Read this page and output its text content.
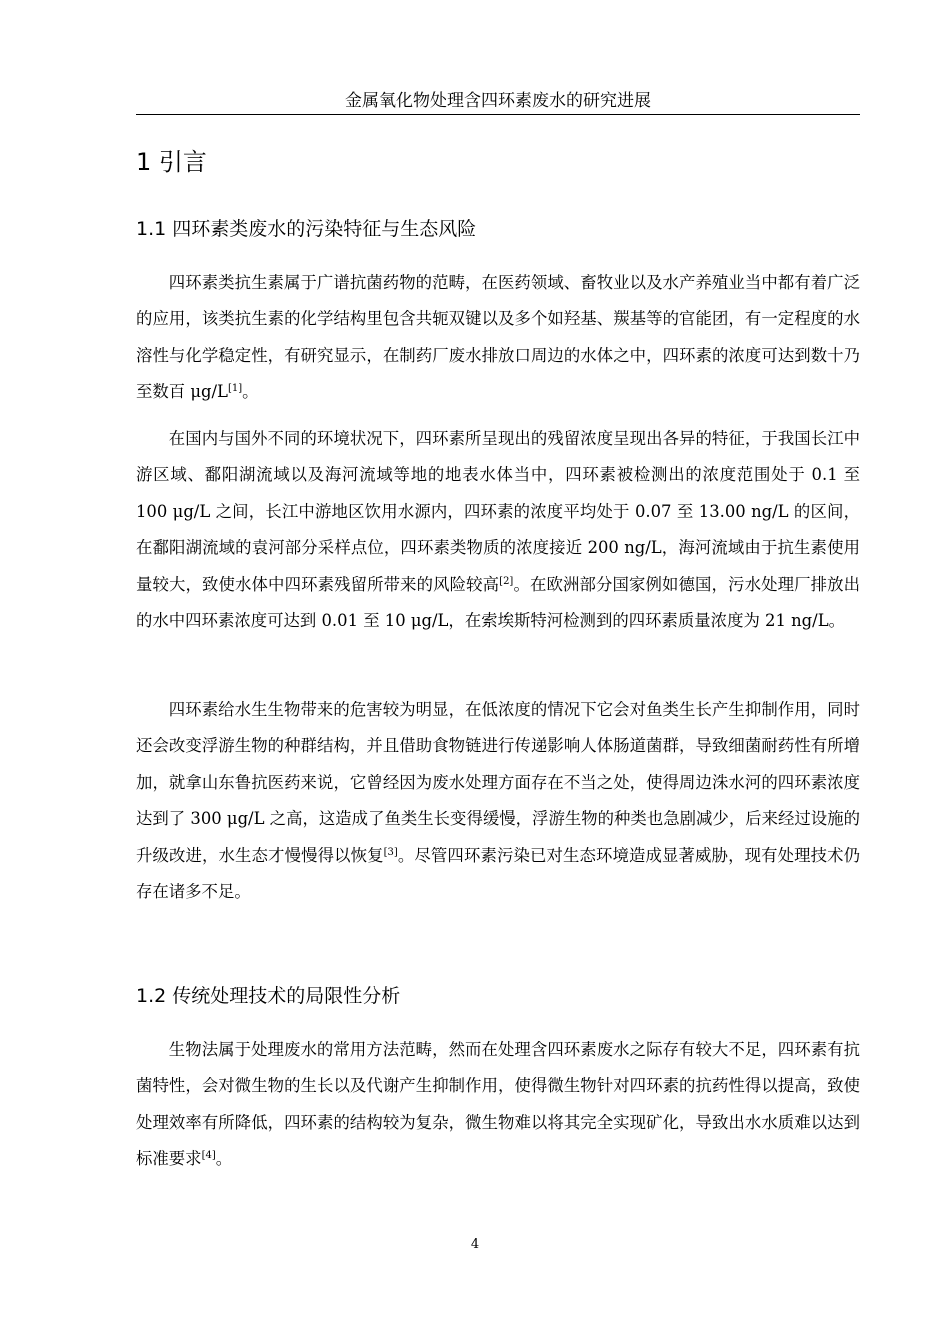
金属氧化物处理含四环素废水的研究进展
1 引言
1.1 四环素类废水的污染特征与生态风险

四环素类抗生素属于广谱抗菌药物的范畴，在医药领域、畜牧业以及水产养殖业当中都有着广泛的应用，该类抗生素的化学结构里包含共轭双键以及多个如羟基、羰基等的官能团，有一定程度的水溶性与化学稳定性，有研究显示，在制药厂废水排放口周边的水体之中，四环素的浓度可达到数十乃至数百 μg/L[1]。

在国内与国外不同的环境状况下，四环素所呈现出的残留浓度呈现出各异的特征，于我国长江中游区域、鄱阳湖流域以及海河流域等地的地表水体当中，四环素被检测出的浓度范围处于 0.1 至 100 μg/L 之间，长江中游地区饮用水源内，四环素的浓度平均处于 0.07 至 13.00 ng/L 的区间，在鄱阳湖流域的袁河部分采样点位，四环素类物质的浓度接近 200 ng/L，海河流域由于抗生素使用量较大，致使水体中四环素残留所带来的风险较高[2]。在欧洲部分国家例如德国，污水处理厂排放出的水中四环素浓度可达到 0.01 至 10 μg/L，在索埃斯特河检测到的四环素质量浓度为 21 ng/L。

四环素给水生生物带来的危害较为明显，在低浓度的情况下它会对鱼类生长产生抑制作用，同时还会改变浮游生物的种群结构，并且借助食物链进行传递影响人体肠道菌群，导致细菌耐药性有所增加，就拿山东鲁抗医药来说，它曾经因为废水处理方面存在不当之处，使得周边洙水河的四环素浓度达到了 300 μg/L 之高，这造成了鱼类生长变得缓慢，浮游生物的种类也急剧减少，后来经过设施的升级改进，水生态才慢慢得以恢复[3]。尽管四环素污染已对生态环境造成显著威胁，现有处理技术仍存在诸多不足。

1.2 传统处理技术的局限性分析

生物法属于处理废水的常用方法范畴，然而在处理含四环素废水之际存有较大不足，四环素有抗菌特性，会对微生物的生长以及代谢产生抑制作用，使得微生物针对四环素的抗药性得以提高，致使处理效率有所降低，四环素的结构较为复杂，微生物难以将其完全实现矿化，导致出水水质难以达到标准要求[4]。

4
